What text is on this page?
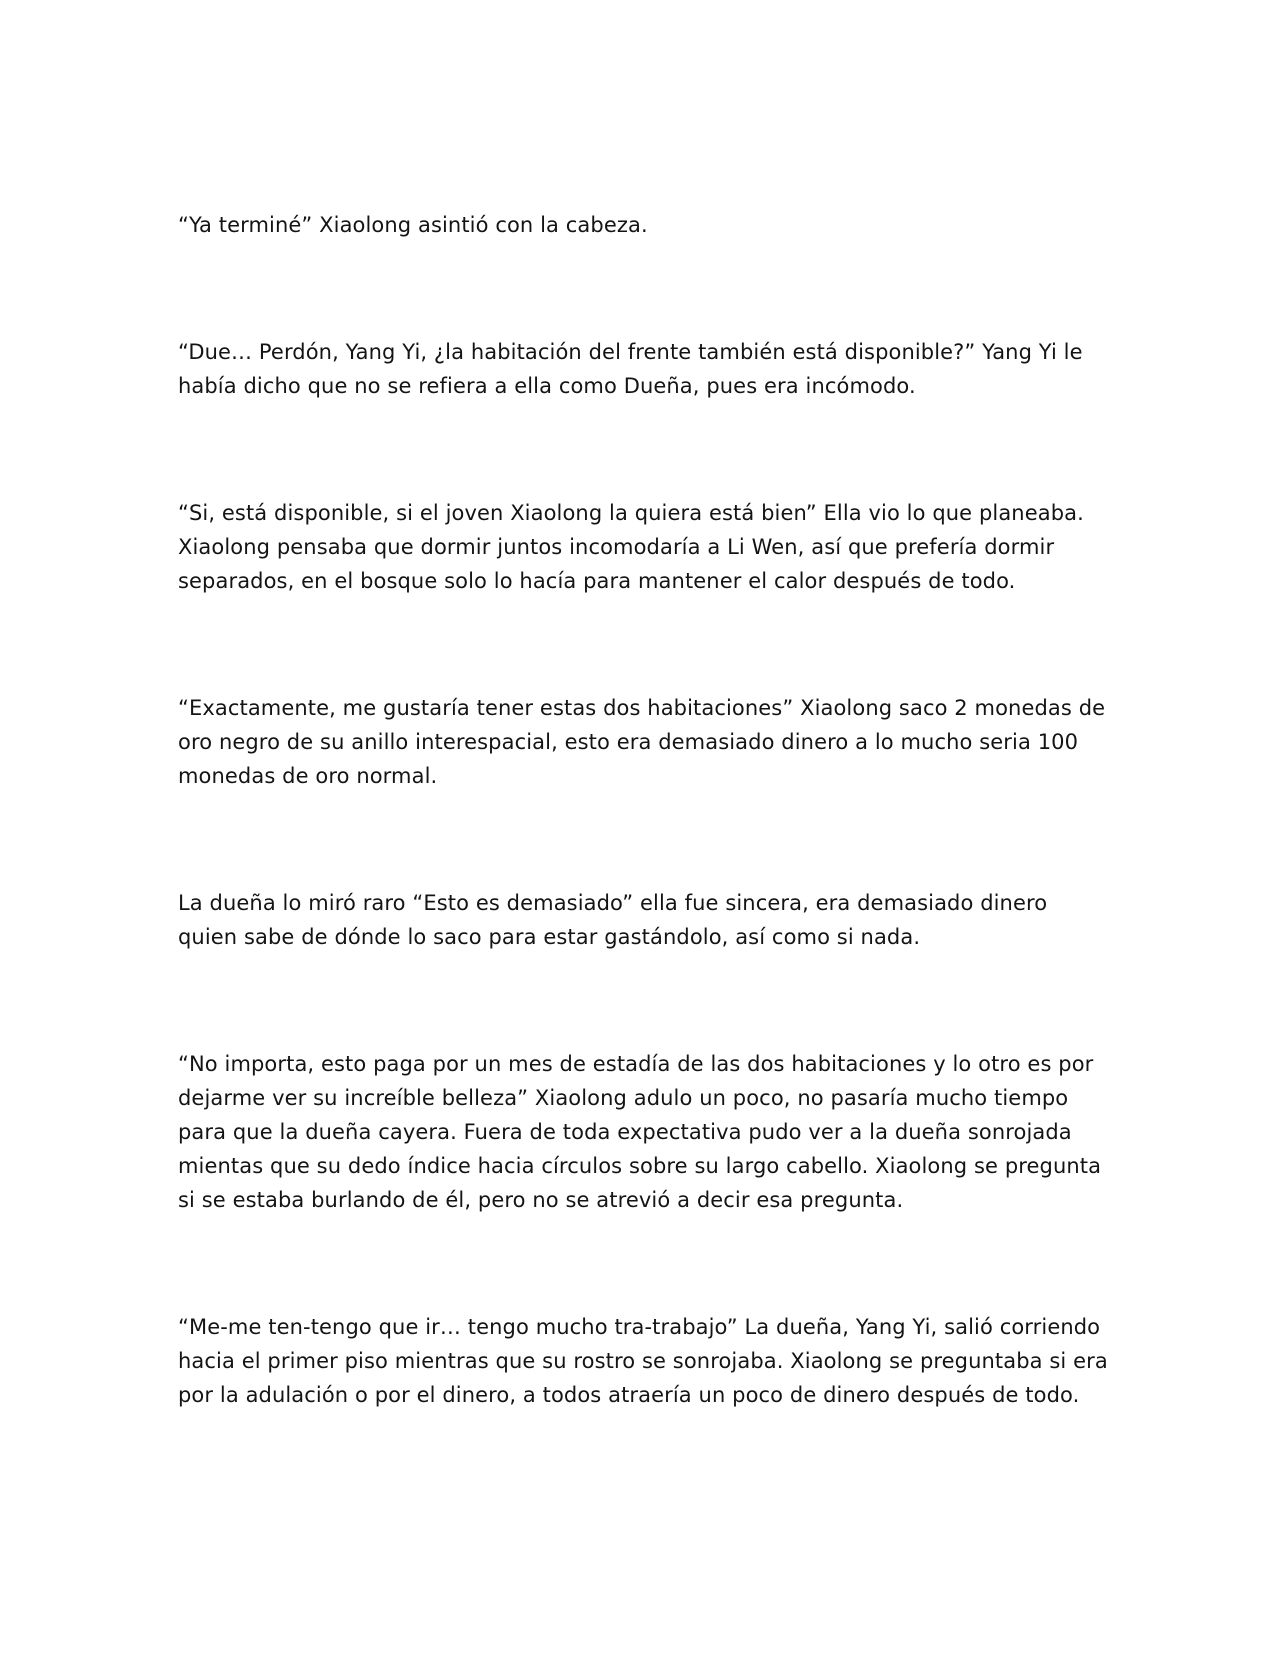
“Ya terminé” Xiaolong asintió con la cabeza.

“Due… Perdón, Yang Yi, ¿la habitación del frente también está disponible?” Yang Yi le había dicho que no se refiera a ella como Dueña, pues era incómodo.

“Si, está disponible, si el joven Xiaolong la quiera está bien” Ella vio lo que planeaba. Xiaolong pensaba que dormir juntos incomodaría a Li Wen, así que prefería dormir separados, en el bosque solo lo hacía para mantener el calor después de todo.

“Exactamente, me gustaría tener estas dos habitaciones” Xiaolong saco 2 monedas de oro negro de su anillo interespacial, esto era demasiado dinero a lo mucho seria 100 monedas de oro normal.

La dueña lo miró raro “Esto es demasiado” ella fue sincera, era demasiado dinero quien sabe de dónde lo saco para estar gastándolo, así como si nada.

“No importa, esto paga por un mes de estadía de las dos habitaciones y lo otro es por dejarme ver su increíble belleza” Xiaolong adulo un poco, no pasaría mucho tiempo para que la dueña cayera. Fuera de toda expectativa pudo ver a la dueña sonrojada mientas que su dedo índice hacia círculos sobre su largo cabello. Xiaolong se pregunta si se estaba burlando de él, pero no se atrevió a decir esa pregunta.

“Me-me ten-tengo que ir… tengo mucho tra-trabajo” La dueña, Yang Yi, salió corriendo hacia el primer piso mientras que su rostro se sonrojaba. Xiaolong se preguntaba si era por la adulación o por el dinero, a todos atraería un poco de dinero después de todo.
